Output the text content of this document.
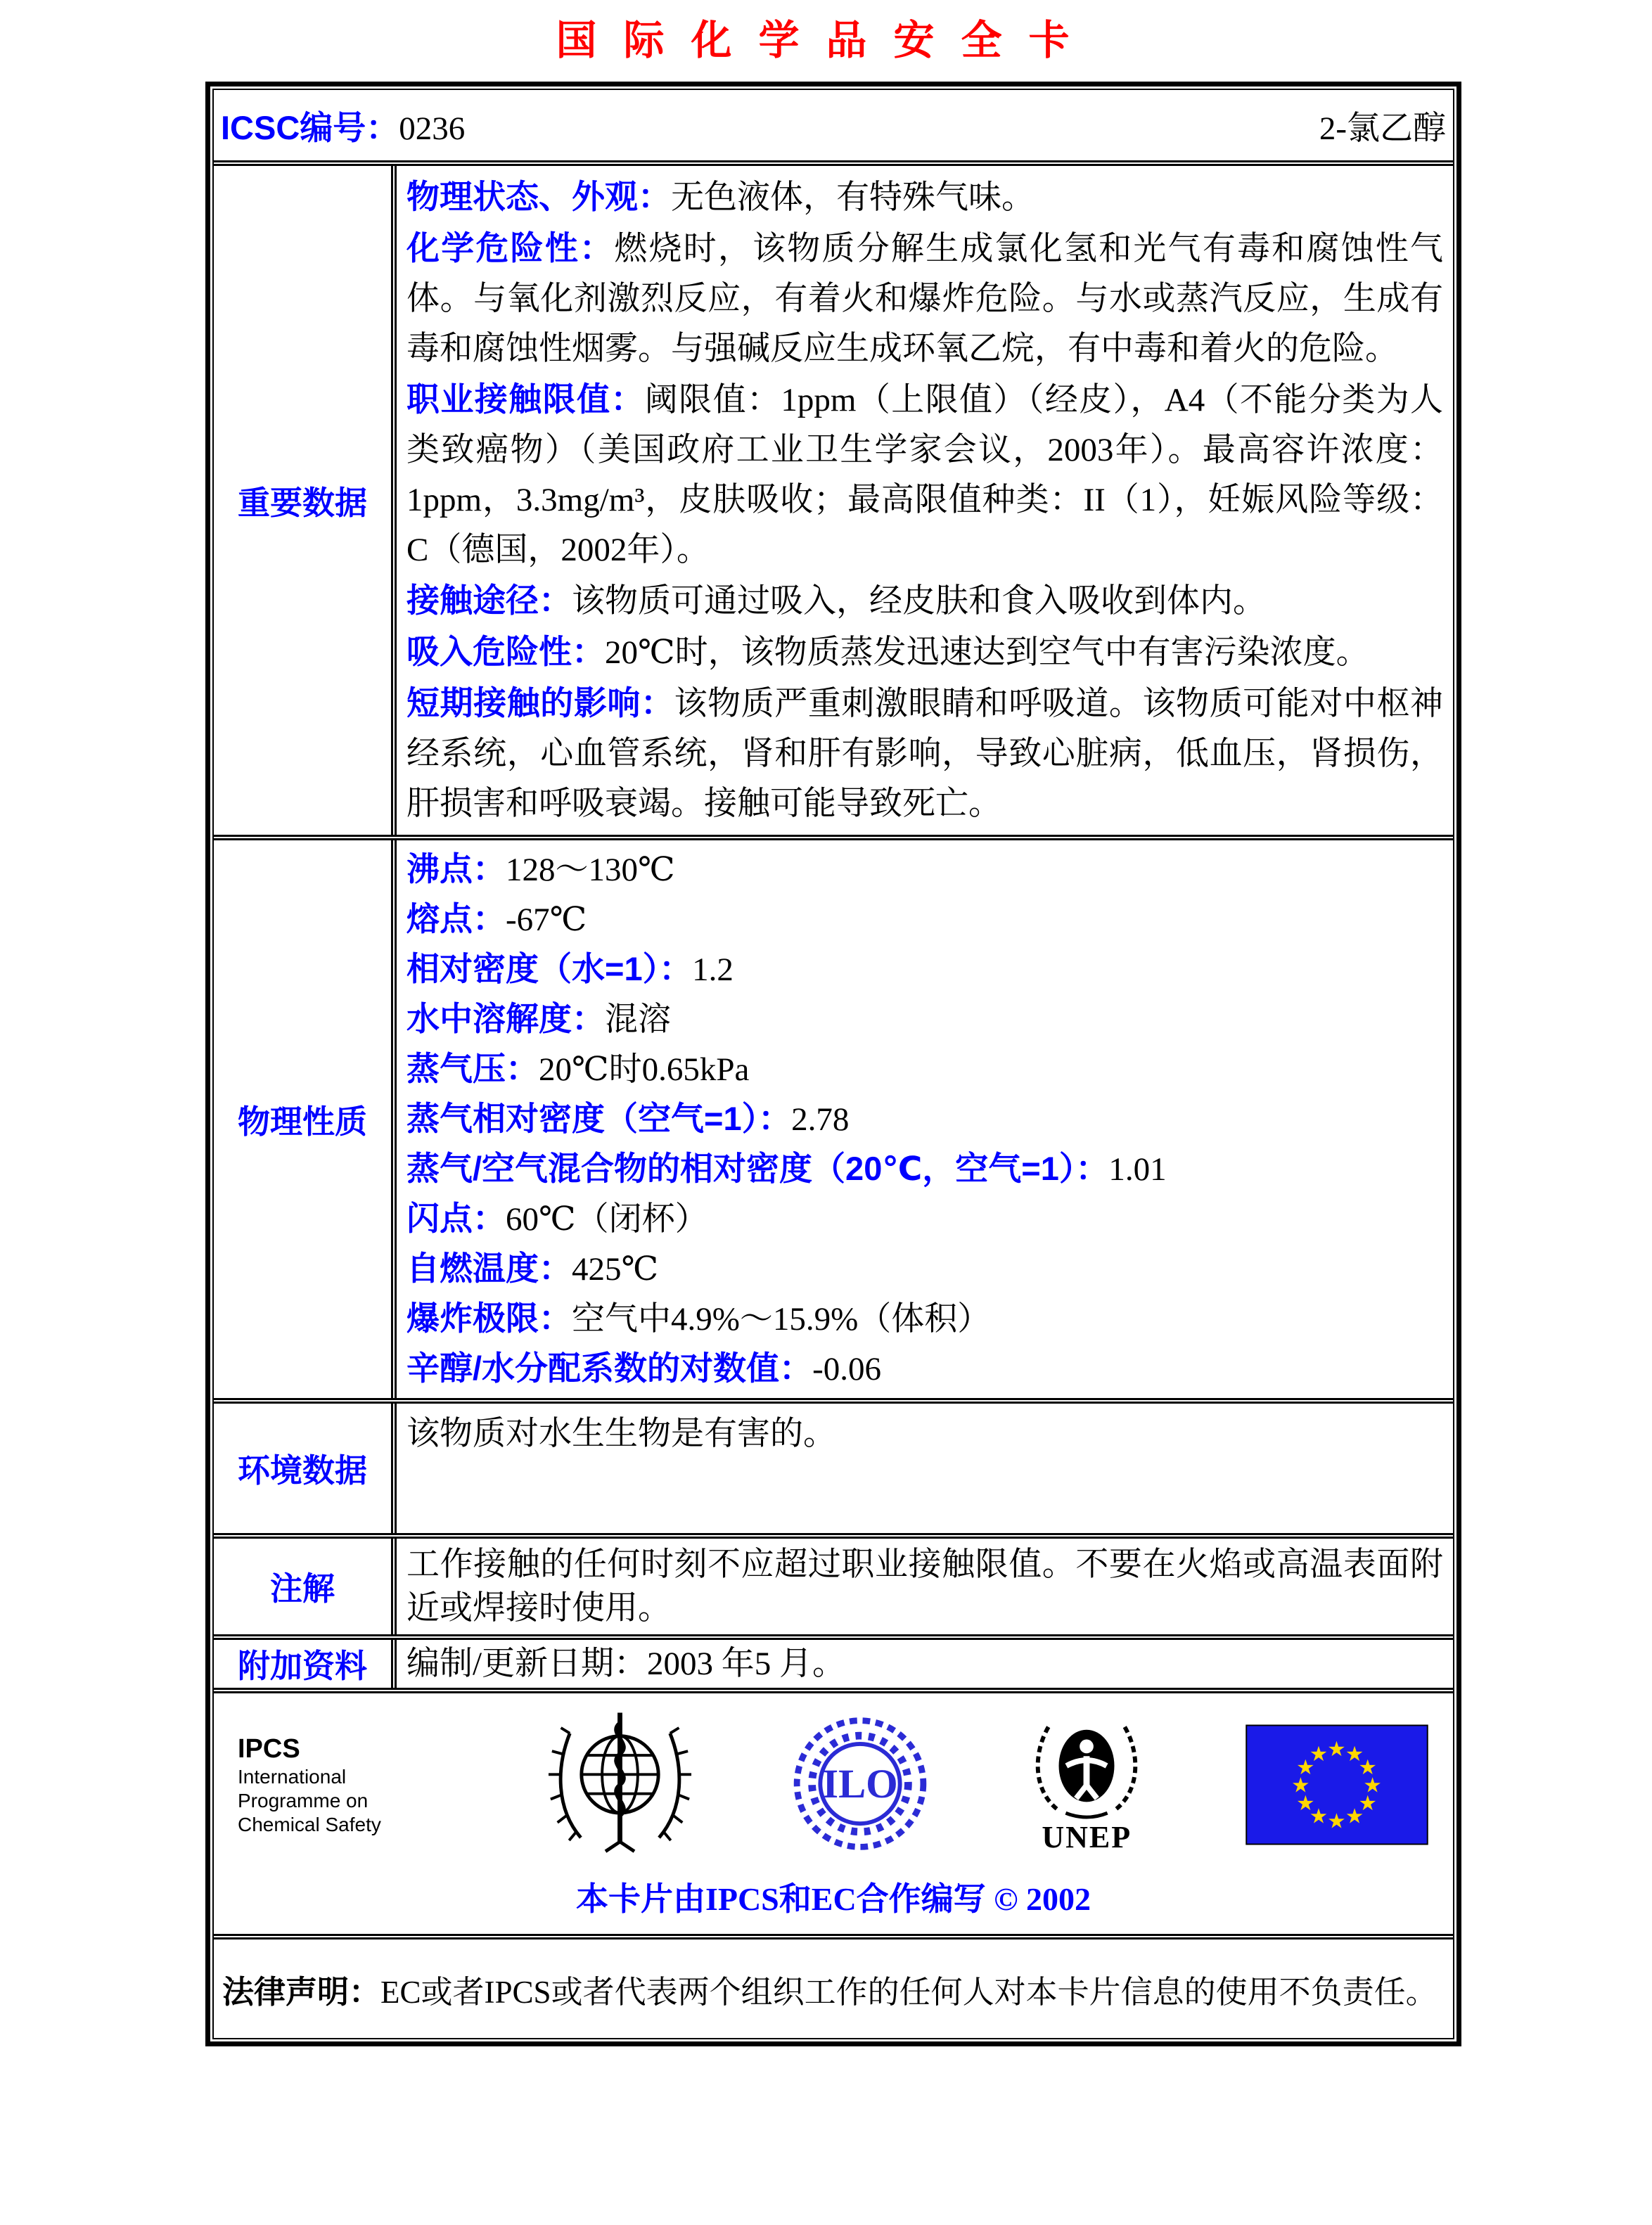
国际化学品安全卡
ICSC编号：0236	2-氯乙醇
重要数据

物理状态、外观：无色液体，有特殊气味。

化学危险性：燃烧时，该物质分解生成氯化氢和光气有毒和腐蚀性气体。与氧化剂激烈反应，有着火和爆炸危险。与水或蒸汽反应，生成有毒和腐蚀性烟雾。与强碱反应生成环氧乙烷，有中毒和着火的危险。

职业接触限值：阈限值：1ppm（上限值）（经皮），A4（不能分类为人类致癌物）（美国政府工业卫生学家会议，2003年）。最高容许浓度：1ppm，3.3mg/m³，皮肤吸收；最高限值种类：II（1），妊娠风险等级：C（德国，2002年）。

接触途径：该物质可通过吸入，经皮肤和食入吸收到体内。

吸入危险性：20℃时，该物质蒸发迅速达到空气中有害污染浓度。

短期接触的影响：该物质严重刺激眼睛和呼吸道。该物质可能对中枢神经系统，心血管系统，肾和肝有影响，导致心脏病，低血压，肾损伤，肝损害和呼吸衰竭。接触可能导致死亡。

物理性质

沸点：128～130℃

熔点：-67℃

相对密度（水=1）：1.2

水中溶解度：混溶

蒸气压：20℃时0.65kPa

蒸气相对密度（空气=1）：2.78

蒸气/空气混合物的相对密度（20℃，空气=1）：1.01

闪点：60℃（闭杯）

自燃温度：425℃

爆炸极限：空气中4.9%～15.9%（体积）

辛醇/水分配系数的对数值：-0.06

环境数据

该物质对水生生物是有害的。

注解

工作接触的任何时刻不应超过职业接触限值。不要在火焰或高温表面附近或焊接时使用。

附加资料	编制/更新日期：2003 年5 月。

IPCS
International
Programme on
Chemical Safety
ILO
UNEP
★ ★
★
★
★
★
★
★
★
★
★
★
本卡片由IPCS和EC合作编写 © 2002
法律声明： EC或者IPCS或者代表两个组织工作的任何人对本卡片信息的使用不负责任。
